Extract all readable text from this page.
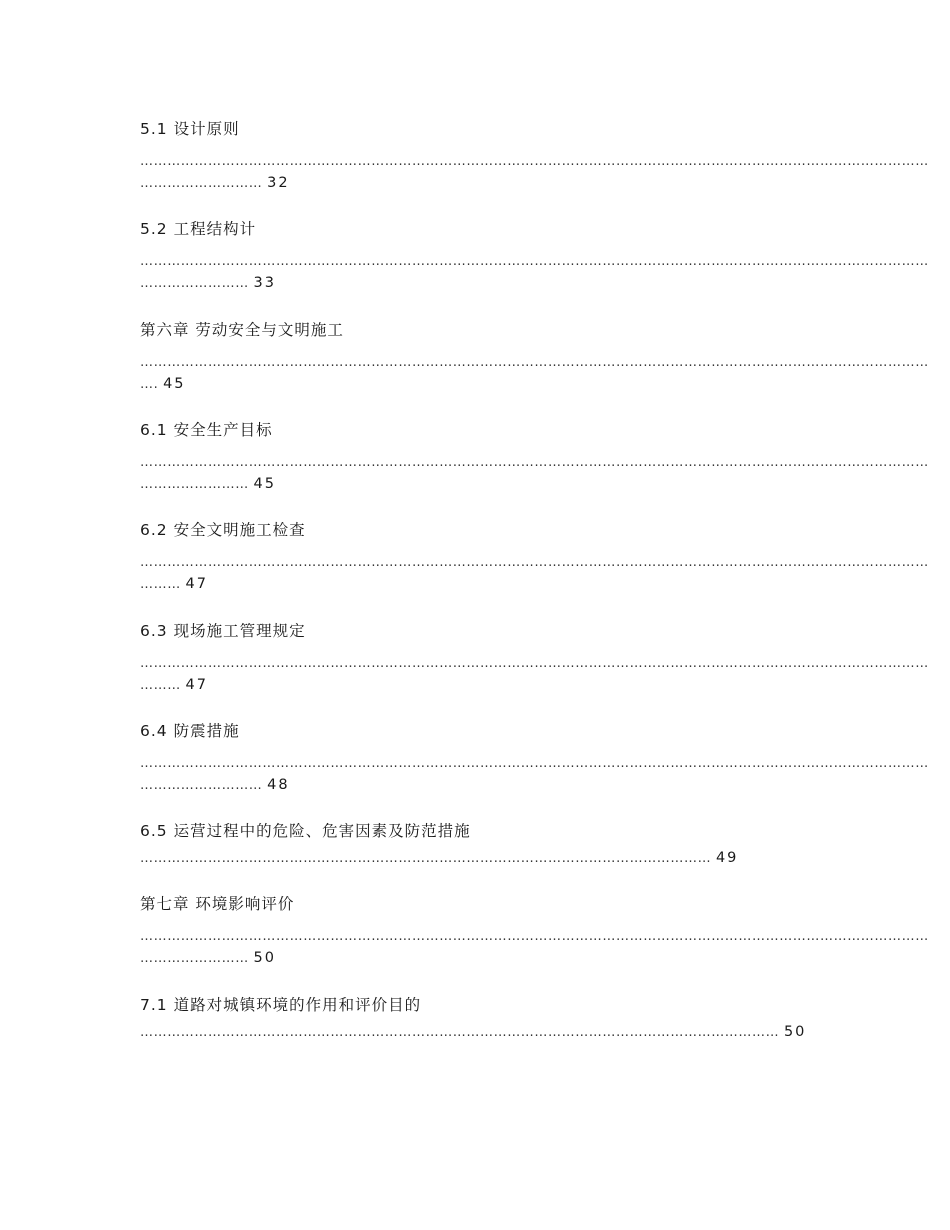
5.1 设计原则
…………………………………………………………………………………………………………………………………………………………
……………………… 32
5.2 工程结构计
…………………………………………………………………………………………………………………………………………………………
…………………… 33
第六章 劳动安全与文明施工
…………………………………………………………………………………………………………………………………………………………
…. 45
6.1 安全生产目标
…………………………………………………………………………………………………………………………………………………………
…………………… 45
6.2 安全文明施工检查
…………………………………………………………………………………………………………………………………………………………
……… 47
6.3 现场施工管理规定
…………………………………………………………………………………………………………………………………………………………
……… 47
6.4 防震措施
…………………………………………………………………………………………………………………………………………………………
……………………… 48
6.5 运营过程中的危险、危害因素及防范措施
……………………………………………………………………………………………………………… 49
第七章 环境影响评价
…………………………………………………………………………………………………………………………………………………………
…………………… 50
7.1 道路对城镇环境的作用和评价目的
…………………………………………………………………………………………………………………………… 50
